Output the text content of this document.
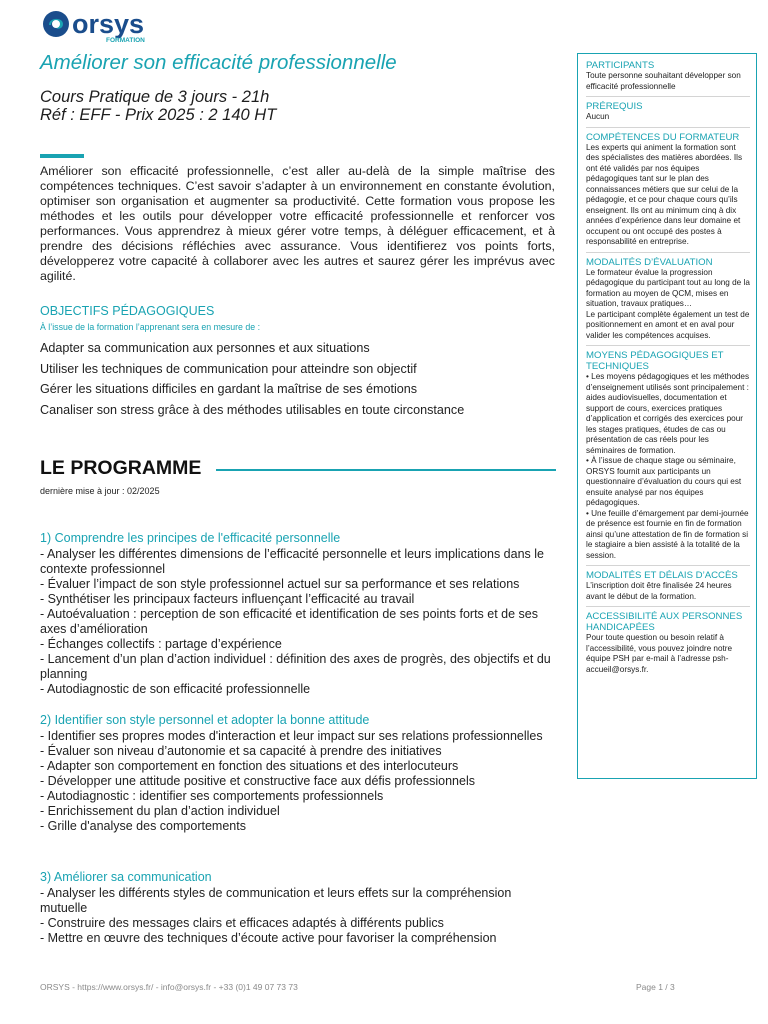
orsys
FORMATION
Améliorer son efficacité professionnelle
Cours Pratique de 3 jours - 21h
Réf : EFF - Prix 2025 : 2 140 HT
Améliorer son efficacité professionnelle, c’est aller au-delà de la simple maîtrise des compétences techniques. C’est savoir s’adapter à un environnement en constante évolution, optimiser son organisation et augmenter sa productivité. Cette formation vous propose les méthodes et les outils pour développer votre efficacité professionnelle et renforcer vos performances. Vous apprendrez à mieux gérer votre temps, à déléguer efficacement, et à prendre des décisions réfléchies avec assurance. Vous identifierez vos points forts, développerez votre capacité à collaborer avec les autres et saurez gérer les imprévus avec agilité.
OBJECTIFS PÉDAGOGIQUES
À l’issue de la formation l’apprenant sera en mesure de :
Adapter sa communication aux personnes et aux situations
Utiliser les techniques de communication pour atteindre son objectif
Gérer les situations difficiles en gardant la maîtrise de ses émotions
Canaliser son stress grâce à des méthodes utilisables en toute circonstance
LE PROGRAMME
dernière mise à jour : 02/2025
1) Comprendre les principes de l'efficacité personnelle
- Analyser les différentes dimensions de l’efficacité personnelle et leurs implications dans le contexte professionnel
- Évaluer l’impact de son style professionnel actuel sur sa performance et ses relations
- Synthétiser les principaux facteurs influençant l’efficacité au travail
- Autoévaluation : perception de son efficacité et identification de ses points forts et de ses axes d’amélioration
- Échanges collectifs : partage d’expérience
- Lancement d’un plan d’action individuel : définition des axes de progrès, des objectifs et du planning
- Autodiagnostic de son efficacité professionnelle
2) Identifier son style personnel et adopter la bonne attitude
- Identifier ses propres modes d'interaction et leur impact sur ses relations professionnelles
- Évaluer son niveau d’autonomie et sa capacité à prendre des initiatives
- Adapter son comportement en fonction des situations et des interlocuteurs
- Développer une attitude positive et constructive face aux défis professionnels
- Autodiagnostic : identifier ses comportements professionnels
- Enrichissement du plan d’action individuel
- Grille d'analyse des comportements
3) Améliorer sa communication
- Analyser les différents styles de communication et leurs effets sur la compréhension mutuelle
- Construire des messages clairs et efficaces adaptés à différents publics
- Mettre en œuvre des techniques d’écoute active pour favoriser la compréhension
PARTICIPANTS

Toute personne souhaitant développer son efficacité professionnelle

PRÉREQUIS

Aucun

COMPÉTENCES DU FORMATEUR

Les experts qui animent la formation sont des spécialistes des matières abordées. Ils ont été validés par nos équipes pédagogiques tant sur le plan des connaissances métiers que sur celui de la pédagogie, et ce pour chaque cours qu’ils enseignent. Ils ont au minimum cinq à dix années d’expérience dans leur domaine et occupent ou ont occupé des postes à responsabilité en entreprise.

MODALITÉS D’ÉVALUATION

Le formateur évalue la progression pédagogique du participant tout au long de la formation au moyen de QCM, mises en situation, travaux pratiques…

Le participant complète également un test de positionnement en amont et en aval pour valider les compétences acquises.

MOYENS PÉDAGOGIQUES ET TECHNIQUES

• Les moyens pédagogiques et les méthodes d’enseignement utilisés sont principalement : aides audiovisuelles, documentation et support de cours, exercices pratiques d’application et corrigés des exercices pour les stages pratiques, études de cas ou présentation de cas réels pour les séminaires de formation.

• À l’issue de chaque stage ou séminaire, ORSYS fournit aux participants un questionnaire d’évaluation du cours qui est ensuite analysé par nos équipes pédagogiques.

• Une feuille d’émargement par demi-journée de présence est fournie en fin de formation ainsi qu’une attestation de fin de formation si le stagiaire a bien assisté à la totalité de la session.

MODALITÉS ET DÉLAIS D’ACCÈS

L’inscription doit être finalisée 24 heures avant le début de la formation.

ACCESSIBILITÉ AUX PERSONNES HANDICAPÉES

Pour toute question ou besoin relatif à l’accessibilité, vous pouvez joindre notre équipe PSH par e-mail à l’adresse psh-accueil@orsys.fr.

ORSYS - https://www.orsys.fr/ - info@orsys.fr - +33 (0)1 49 07 73 73	Page 1 / 3
